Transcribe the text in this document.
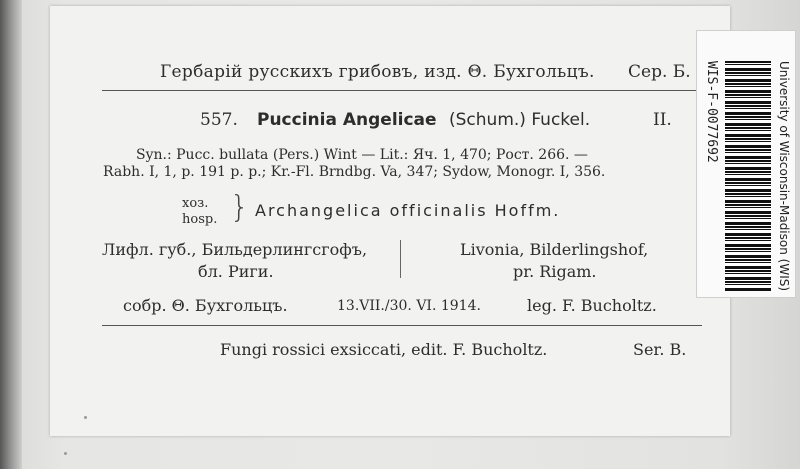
Гербарій русскихъ грибовъ, изд. Θ. Бухгольцъ. Сер. Б.
557. Puccinia Angelicae (Schum.) Fuckel.	II.
Syn.: Pucc. bullata (Pers.) Wint — Lit.: Яч. 1, 470; Рост. 266. —
Rabh. I, 1, p. 191 p. p.; Kr.-Fl. Brndbg. Va, 347; Sydow, Monogr. I, 356.
хоз.
hosp. } Archangelica officinalis Hoffm.
Лифл. губ., Бильдерлингсгофъ,
бл. Риги.
Livonia, Bilderlingshof,
pr. Rigam.
собр. Θ. Бухгольцъ.	13.VII./30. VI. 1914.	leg. F. Bucholtz.
Fungi rossici exsiccati, edit. F. Bucholtz.	Ser. B.
WIS-F-0077692	University of Wisconsin-Madison (WIS)
